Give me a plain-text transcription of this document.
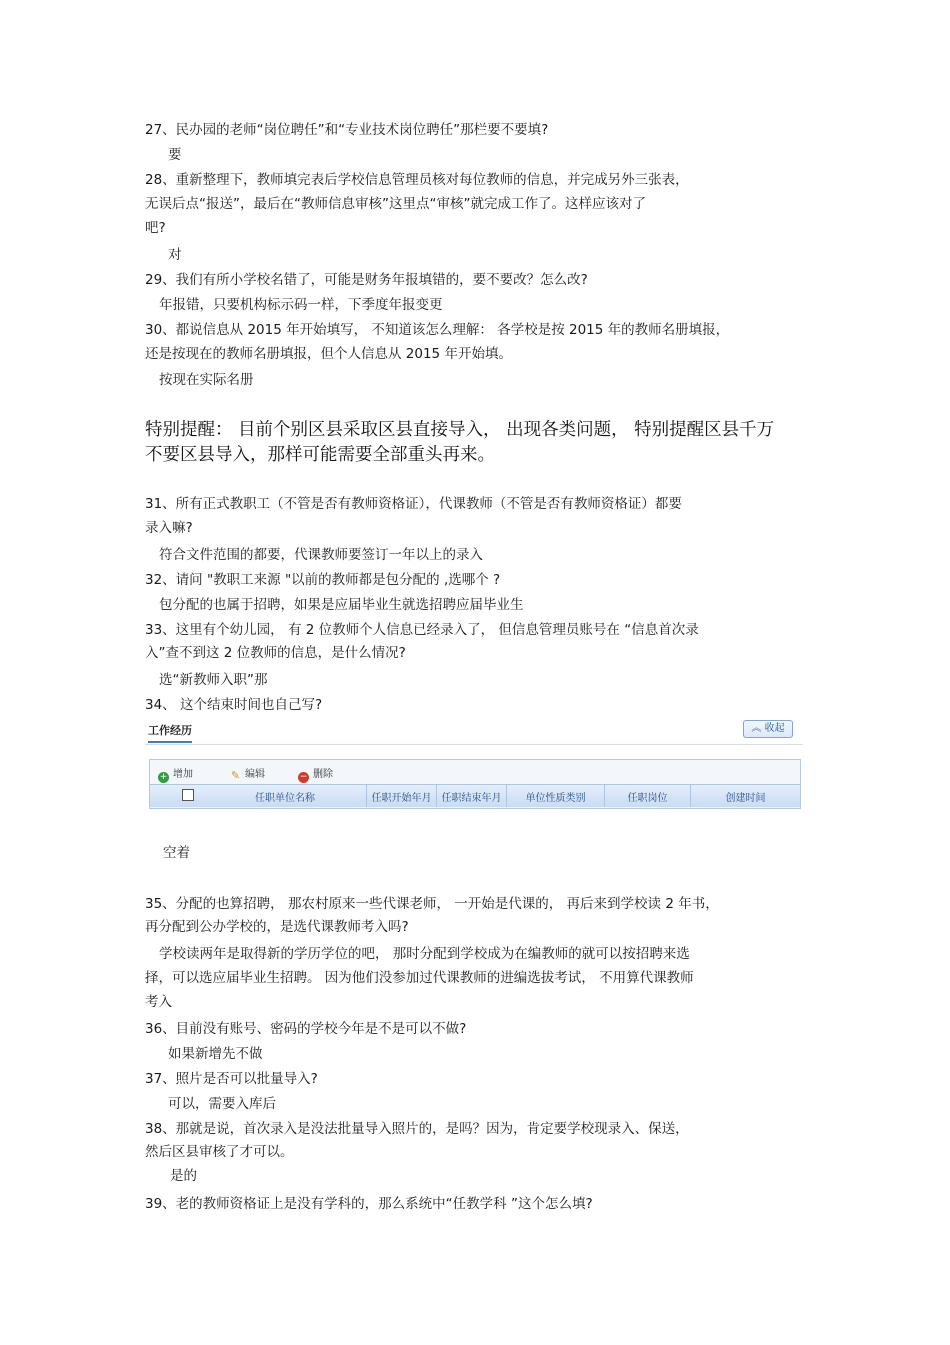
27、民办园的老师“岗位聘任”和“专业技术岗位聘任”那栏要不要填?
要
28、重新整理下，教师填完表后学校信息管理员核对每位教师的信息，并完成另外三张表，
无误后点“报送”，最后在“教师信息审核”这里点“审核”就完成工作了。这样应该对了
吧?
对
29、我们有所小学校名错了，可能是财务年报填错的，要不要改？怎么改?
年报错，只要机构标示码一样，下季度年报变更
30、都说信息从 2015 年开始填写， 不知道该怎么理解： 各学校是按 2015 年的教师名册填报，
还是按现在的教师名册填报，但个人信息从 2015 年开始填。
按现在实际名册
特别提醒： 目前个别区县采取区县直接导入， 出现各类问题， 特别提醒区县千万
不要区县导入，那样可能需要全部重头再来。
31、所有正式教职工（不管是否有教师资格证），代课教师（不管是否有教师资格证）都要
录入嘛?
符合文件范围的都要，代课教师要签订一年以上的录入
32、请问 "教职工来源 "以前的教师都是包分配的 ,选哪个 ?
包分配的也属于招聘，如果是应届毕业生就选招聘应届毕业生
33、这里有个幼儿园， 有 2 位教师个人信息已经录入了， 但信息管理员账号在 “信息首次录
入”查不到这 2 位教师的信息，是什么情况?
选“新教师入职”那
34、 这个结束时间也自己写?
工作经历	︽ 收起
+ 增加	✎ 编辑	− 删除
任职单位名称	任职开始年月	任职结束年月	单位性质类别	任职岗位	创建时间
空着
35、分配的也算招聘， 那农村原来一些代课老师， 一开始是代课的， 再后来到学校读 2 年书，
再分配到公办学校的，是选代课教师考入吗?
学校读两年是取得新的学历学位的吧， 那时分配到学校成为在编教师的就可以按招聘来选
择，可以选应届毕业生招聘。 因为他们没参加过代课教师的进编选拔考试， 不用算代课教师
考入
36、目前没有账号、密码的学校今年是不是可以不做?
如果新增先不做
37、照片是否可以批量导入?
可以，需要入库后
38、那就是说，首次录入是没法批量导入照片的，是吗？因为，肯定要学校现录入、保送，
然后区县审核了才可以。
是的
39、老的教师资格证上是没有学科的，那么系统中“任教学科 ”这个怎么填?
